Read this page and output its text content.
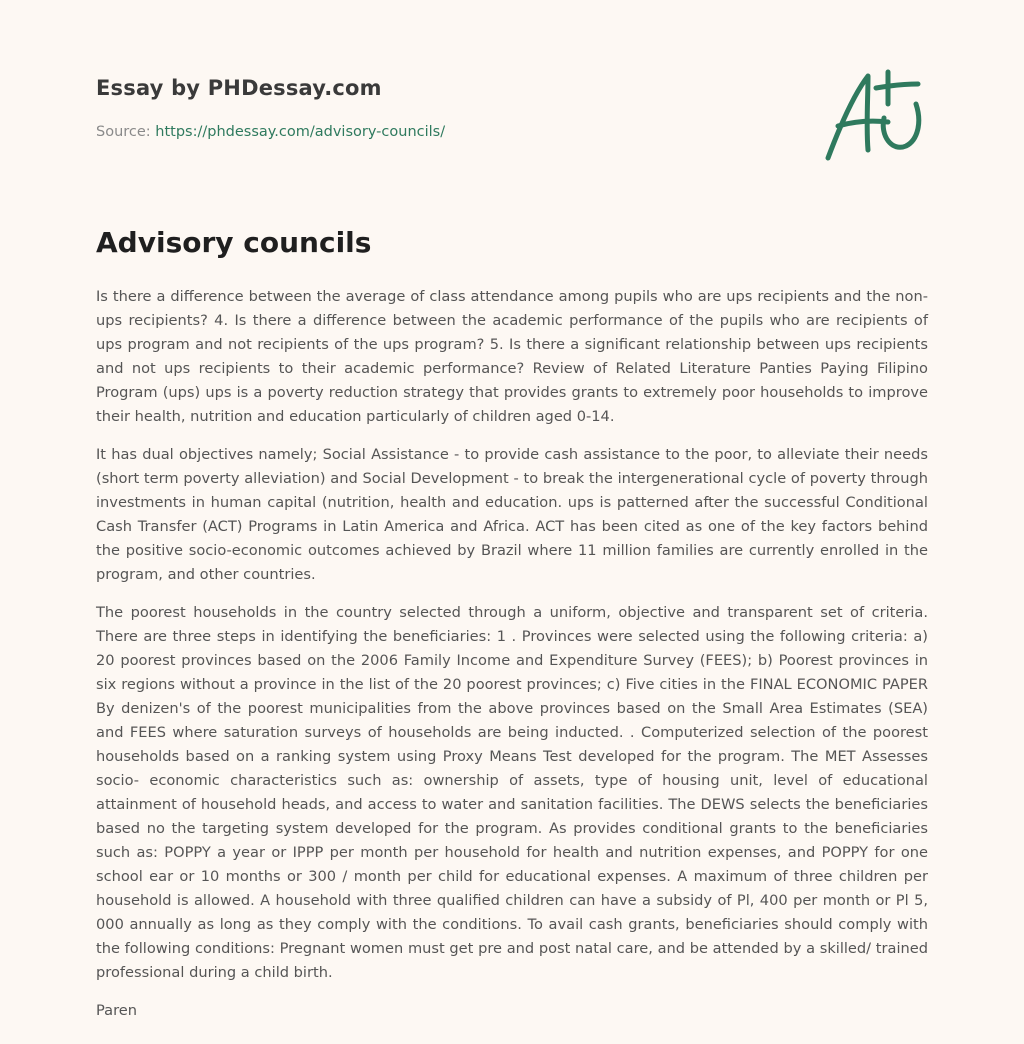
Essay by PHDessay.com
Source: https://phdessay.com/advisory-councils/
Advisory councils

Is there a difference between the average of class attendance among pupils who are ups recipients and the non-ups recipients? 4. Is there a difference between the academic performance of the pupils who are recipients of ups program and not recipients of the ups program? 5. Is there a significant relationship between ups recipients and not ups recipients to their academic performance? Review of Related Literature Panties Paying Filipino Program (ups) ups is a poverty reduction strategy that provides grants to extremely poor households to improve their health, nutrition and education particularly of children aged 0-14.

It has dual objectives namely; Social Assistance - to provide cash assistance to the poor, to alleviate their needs (short term poverty alleviation) and Social Development - to break the intergenerational cycle of poverty through investments in human capital (nutrition, health and education. ups is patterned after the successful Conditional Cash Transfer (ACT) Programs in Latin America and Africa. ACT has been cited as one of the key factors behind the positive socio-economic outcomes achieved by Brazil where 11 million families are currently enrolled in the program, and other countries.

The poorest households in the country selected through a uniform, objective and transparent set of criteria. There are three steps in identifying the beneficiaries: 1 . Provinces were selected using the following criteria: a) 20 poorest provinces based on the 2006 Family Income and Expenditure Survey (FEES); b) Poorest provinces in six regions without a province in the list of the 20 poorest provinces; c) Five cities in the FINAL ECONOMIC PAPER By denizen's of the poorest municipalities from the above provinces based on the Small Area Estimates (SEA) and FEES where saturation surveys of households are being inducted. . Computerized selection of the poorest households based on a ranking system using Proxy Means Test developed for the program. The MET Assesses socio- economic characteristics such as: ownership of assets, type of housing unit, level of educational attainment of household heads, and access to water and sanitation facilities. The DEWS selects the beneficiaries based no the targeting system developed for the program. As provides conditional grants to the beneficiaries such as: POPPY a year or IPPP per month per household for health and nutrition expenses, and POPPY for one school ear or 10 months or 300 / month per child for educational expenses. A maximum of three children per household is allowed. A household with three qualified children can have a subsidy of Pl, 400 per month or Pl 5, 000 annually as long as they comply with the conditions. To avail cash grants, beneficiaries should comply with the following conditions: Pregnant women must get pre and post natal care, and be attended by a skilled/ trained professional during a child birth.

Paren
